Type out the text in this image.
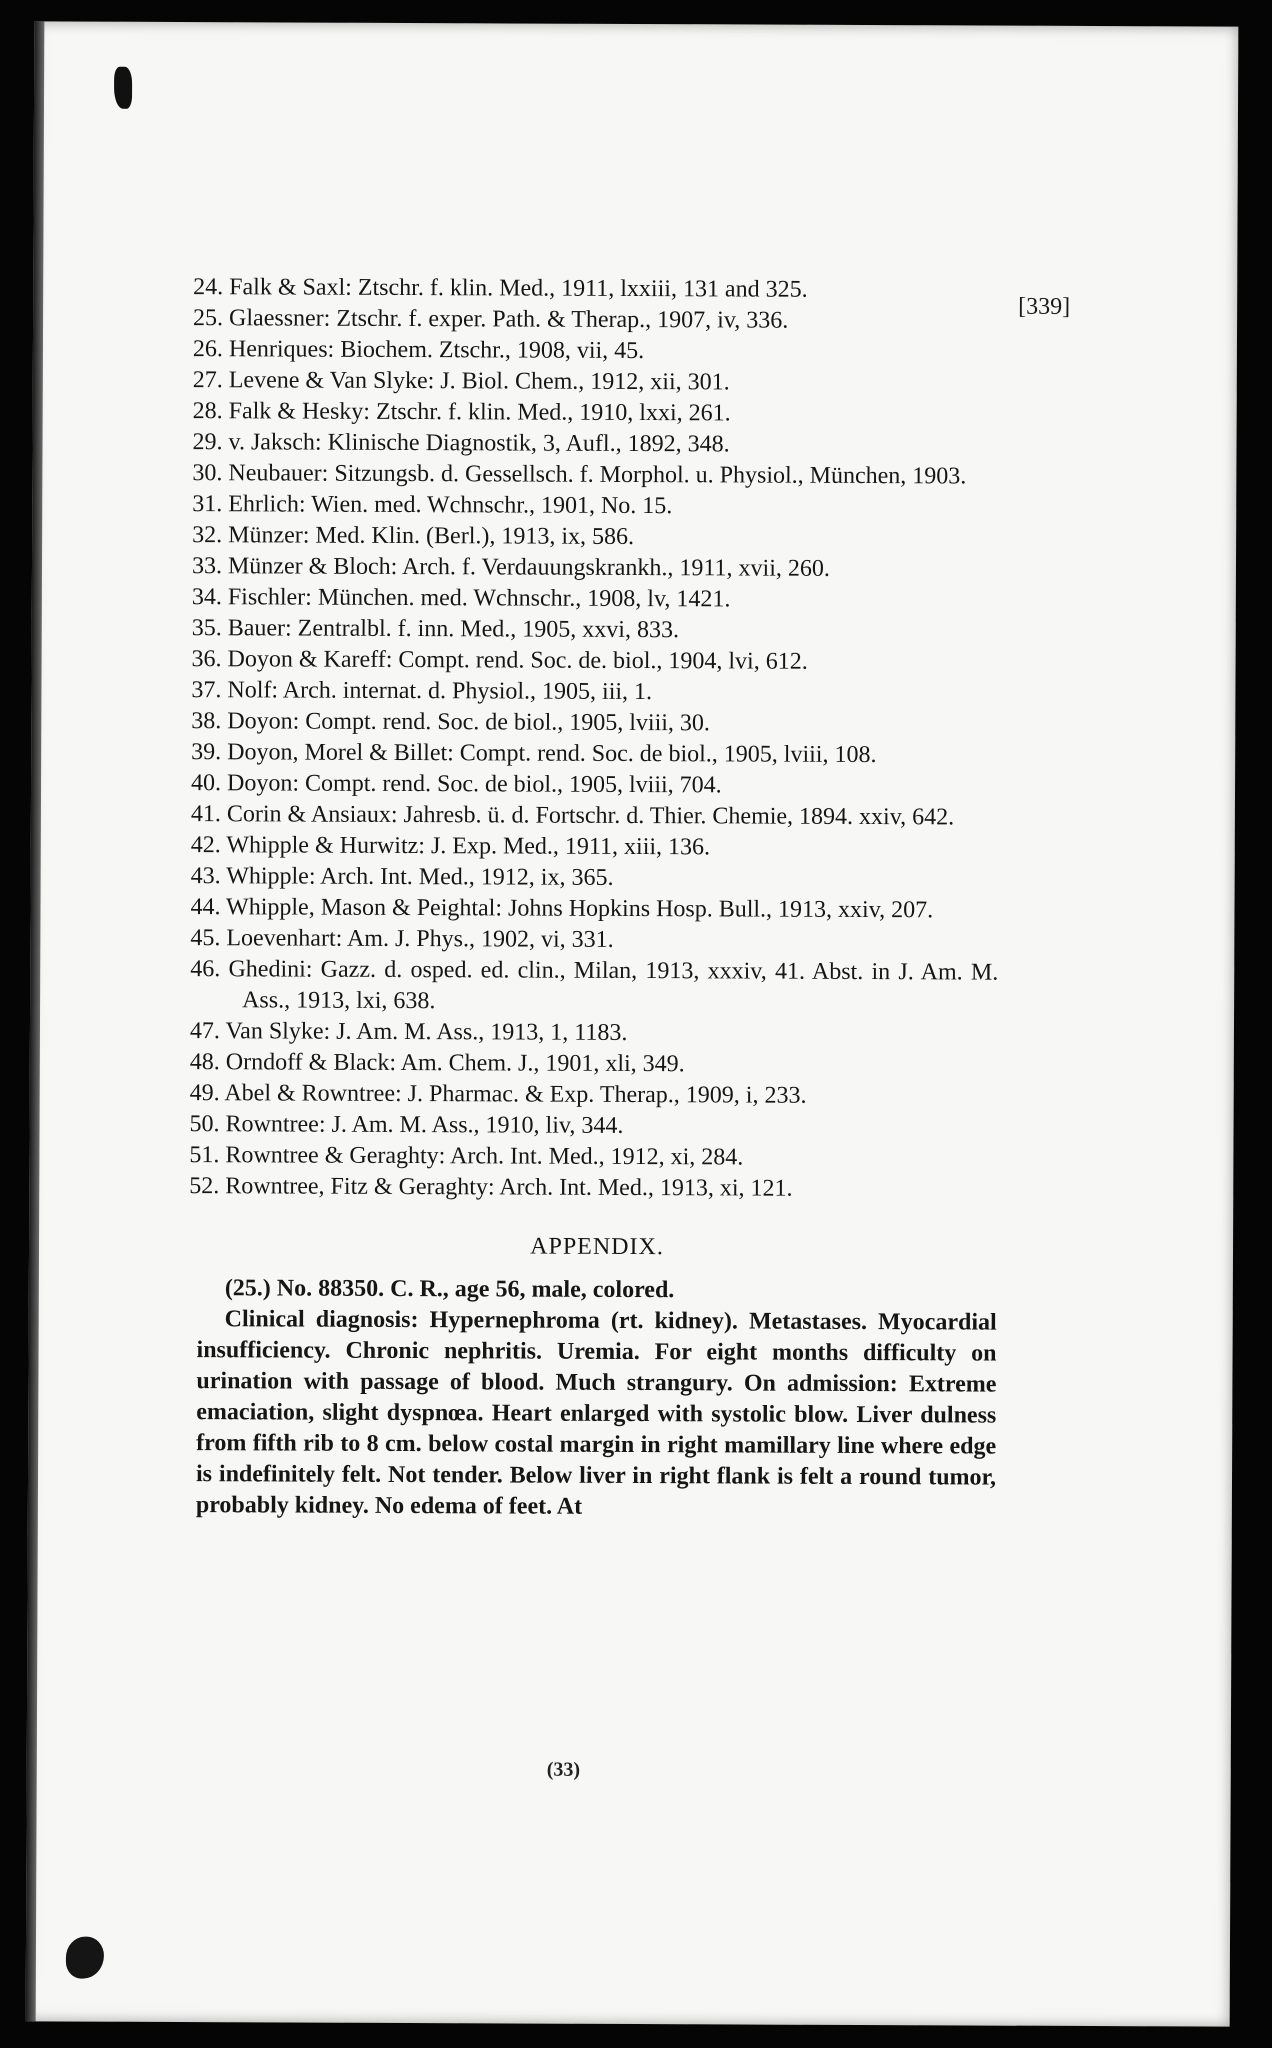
[339]

24. Falk & Saxl: Ztschr. f. klin. Med., 1911, lxxiii, 131 and 325.

25. Glaessner: Ztschr. f. exper. Path. & Therap., 1907, iv, 336.

26. Henriques: Biochem. Ztschr., 1908, vii, 45.

27. Levene & Van Slyke: J. Biol. Chem., 1912, xii, 301.

28. Falk & Hesky: Ztschr. f. klin. Med., 1910, lxxi, 261.

29. v. Jaksch: Klinische Diagnostik, 3, Aufl., 1892, 348.

30. Neubauer: Sitzungsb. d. Gessellsch. f. Morphol. u. Physiol., München, 1903.

31. Ehrlich: Wien. med. Wchnschr., 1901, No. 15.

32. Münzer: Med. Klin. (Berl.), 1913, ix, 586.

33. Münzer & Bloch: Arch. f. Verdauungskrankh., 1911, xvii, 260.

34. Fischler: München. med. Wchnschr., 1908, lv, 1421.

35. Bauer: Zentralbl. f. inn. Med., 1905, xxvi, 833.

36. Doyon & Kareff: Compt. rend. Soc. de. biol., 1904, lvi, 612.

37. Nolf: Arch. internat. d. Physiol., 1905, iii, 1.

38. Doyon: Compt. rend. Soc. de biol., 1905, lviii, 30.

39. Doyon, Morel & Billet: Compt. rend. Soc. de biol., 1905, lviii, 108.

40. Doyon: Compt. rend. Soc. de biol., 1905, lviii, 704.

41. Corin & Ansiaux: Jahresb. ü. d. Fortschr. d. Thier. Chemie, 1894. xxiv, 642.

42. Whipple & Hurwitz: J. Exp. Med., 1911, xiii, 136.

43. Whipple: Arch. Int. Med., 1912, ix, 365.

44. Whipple, Mason & Peightal: Johns Hopkins Hosp. Bull., 1913, xxiv, 207.

45. Loevenhart: Am. J. Phys., 1902, vi, 331.

46. Ghedini: Gazz. d. osped. ed. clin., Milan, 1913, xxxiv, 41. Abst. in J. Am. M. Ass., 1913, lxi, 638.

47. Van Slyke: J. Am. M. Ass., 1913, 1, 1183.

48. Orndoff & Black: Am. Chem. J., 1901, xli, 349.

49. Abel & Rowntree: J. Pharmac. & Exp. Therap., 1909, i, 233.

50. Rowntree: J. Am. M. Ass., 1910, liv, 344.

51. Rowntree & Geraghty: Arch. Int. Med., 1912, xi, 284.

52. Rowntree, Fitz & Geraghty: Arch. Int. Med., 1913, xi, 121.

APPENDIX.

(25.) No. 88350. C. R., age 56, male, colored.

Clinical diagnosis: Hypernephroma (rt. kidney). Metastases. Myocardial insufficiency. Chronic nephritis. Uremia. For eight months difficulty on urination with passage of blood. Much strangury. On admission: Extreme emaciation, slight dyspnœa. Heart enlarged with systolic blow. Liver dulness from fifth rib to 8 cm. below costal margin in right mamillary line where edge is indefinitely felt. Not tender. Below liver in right flank is felt a round tumor, probably kidney. No edema of feet. At

(33)
